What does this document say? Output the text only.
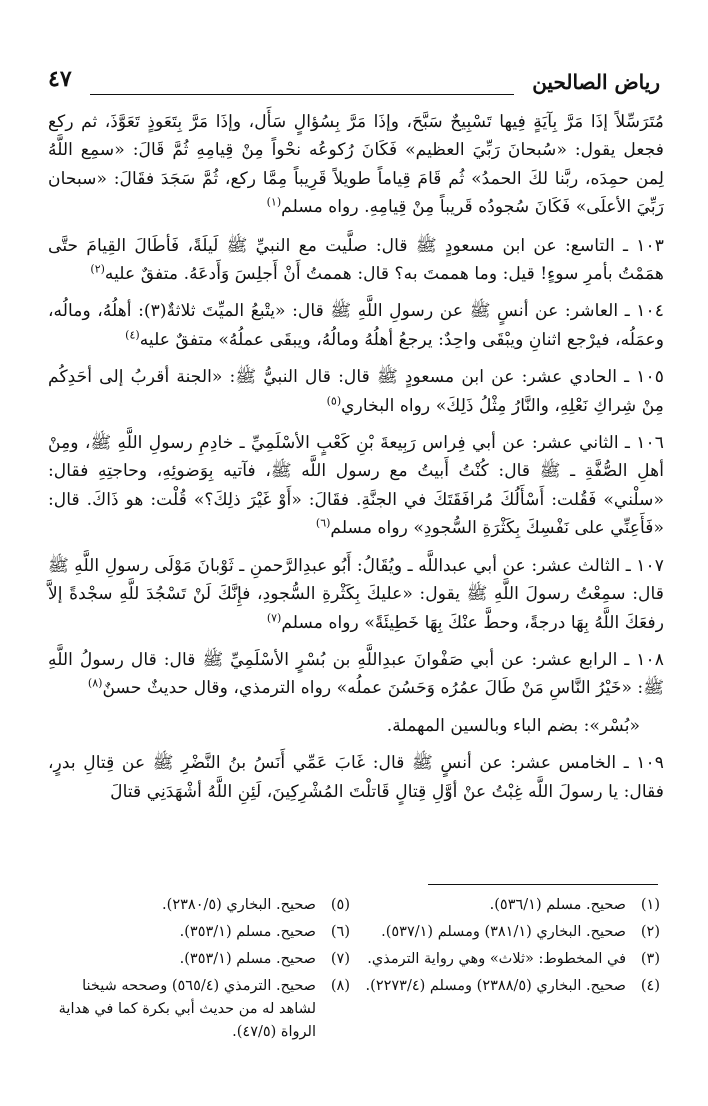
رياض الصالحين
٤٧

مُتَرَسِّلاً إذَا مَرَّ بِآيَةٍ فِيها تَسْبِيحٌ سَبَّحَ، وإذَا مَرَّ بِسُؤالٍ سَأَل، وإذَا مَرَّ بِتَعَوذٍ تَعَوَّذَ، ثم ركع فجعل يقول: «سُبحانَ رَبِّيَ العظيم» فَكَانَ رُكوعُه نحْواً مِنْ قِيامِهِ ثُمَّ قَالَ: «سمِع اللَّهُ لِمن حمِدَه، ربَّنا لكَ الحمدُ» ثُم قَامَ قِياماً طويلاً قَرِيباً مِمَّا ركع، ثُمَّ سَجَدَ فقَالَ: «سبحان رَبِّيَ الأعلَى» فَكَانَ سُجودُه قَريباً مِنْ قِيامِهِ. رواه مسلم$^{(١)}$

١٠٣ ـ التاسع: عن ابن مسعودٍ ﷺ قال: صلَّيت مع النبيِّ ﷺ لَيلَةً، فَأطَالَ القِيامَ حتَّى همَمْتُ بأمرِ سوءٍ! قيل: وما هممتَ به؟ قال: هممتُ أَنْ أَجلِسَ وَأَدعَهُ. متفقٌ عليه$^{(٢)}$

١٠٤ ـ العاشر: عن أنسٍ ﷺ عن رسولِ اللَّهِ ﷺ قال: «يتْبعُ الميِّتَ ثلاثةٌ(٣): أهلُهُ، ومالُه، وعمَلُه، فيرْجع اثنانِ ويبْقَى واحِدٌ: يرجعُ أهلُهُ ومالُهُ، ويبقَى عملُهُ» متفقٌ عليه$^{(٤)}$

١٠٥ ـ الحادي عشر: عن ابن مسعودٍ ﷺ قال: قال النبيُّ ﷺ: «الجنة أقربُ إلى أحَدِكُم مِنْ شِراكِ نَعْلِهِ، والنَّارُ مِثْلُ ذَلِكَ» رواه البخاري$^{(٥)}$

١٠٦ ـ الثاني عشر: عن أبي فِراس رَبِيعةَ بْنِ كَعْبٍ الأسْلَمِيِّ ـ خادِمِ رسولِ اللَّهِ ﷺ، ومِنْ أهلِ الصُّفَّةِ ـ ﷺ قال: كُنْتُ أَبيتُ مع رسول اللَّه ﷺ، فآتيه بِوَضوئِهِ، وحاجتِهِ فقال: «سلْني» فَقُلت: أَسْأَلُكَ مُرافَقَتَكَ في الجنَّةِ. فقَالَ: «أَوْ غَيْرَ ذلِكَ؟» قُلْت: هو ذَاكَ. قال: «فَأَعِنِّي على نَفْسِكَ بِكَثْرَةِ السُّجودِ» رواه مسلم$^{(٦)}$

١٠٧ ـ الثالث عشر: عن أبي عبداللَّه ـ ويُقَالُ: أَبُو عبدِالرَّحمنِ ـ ثَوْبانَ مَوْلَى رسولِ اللَّهِ ﷺ قال: سمِعْتُ رسولَ اللَّهِ ﷺ يقول: «عليكَ بِكَثْرةِ السُّجودِ، فإِنَّكَ لَنْ تَسْجُدَ للَّهِ سجْدةً إلاَّ رفعَكَ اللَّهُ بِهَا درجةً، وحطَّ عنْكَ بِهَا خَطِيئَةً» رواه مسلم$^{(٧)}$

١٠٨ ـ الرابع عشر: عن أبي صَفْوانَ عبدِاللَّهِ بن بُسْرٍ الأسْلَمِيِّ ﷺ قال: قال رسولُ اللَّهِ ﷺ: «خَيْرُ النَّاسِ مَنْ طَالَ عمُرُه وَحَسُنَ عملُه» رواه الترمذي، وقال حديثٌ حسنٌ$^{(٨)}$

«بُسْر»: بضم الباء وبالسين المهملة.

١٠٩ ـ الخامس عشر: عن أنسٍ ﷺ قال: غَابَ عَمِّي أَنَسُ بنُ النَّضْرِ ﷺ عن قِتالِ بدرٍ، فقال: يا رسولَ اللَّه غِبْتُ عنْ أوَّلِ قِتالٍ قَاتلْتَ المُشْرِكِينَ، لَئِنِ اللَّهُ أشْهَدَنِي قتالَ

(١)
صحيح. مسلم (٥٣٦/١).
(٢)
صحيح. البخاري (٣٨١/١) ومسلم (٥٣٧/١).
(٣)
في المخطوط: «ثلاث» وهي رواية الترمذي.
(٤)
صحيح. البخاري (٢٣٨٨/٥) ومسلم (٢٢٧٣/٤).
(٥)
صحيح. البخاري (٢٣٨٠/٥).
(٦)
صحيح. مسلم (٣٥٣/١).
(٧)
صحيح. مسلم (٣٥٣/١).
(٨)
صحيح. الترمذي (٥٦٥/٤) وصححه شيخنا لشاهد له من حديث أبي بكرة كما في هداية الرواة (٤٧/٥).
